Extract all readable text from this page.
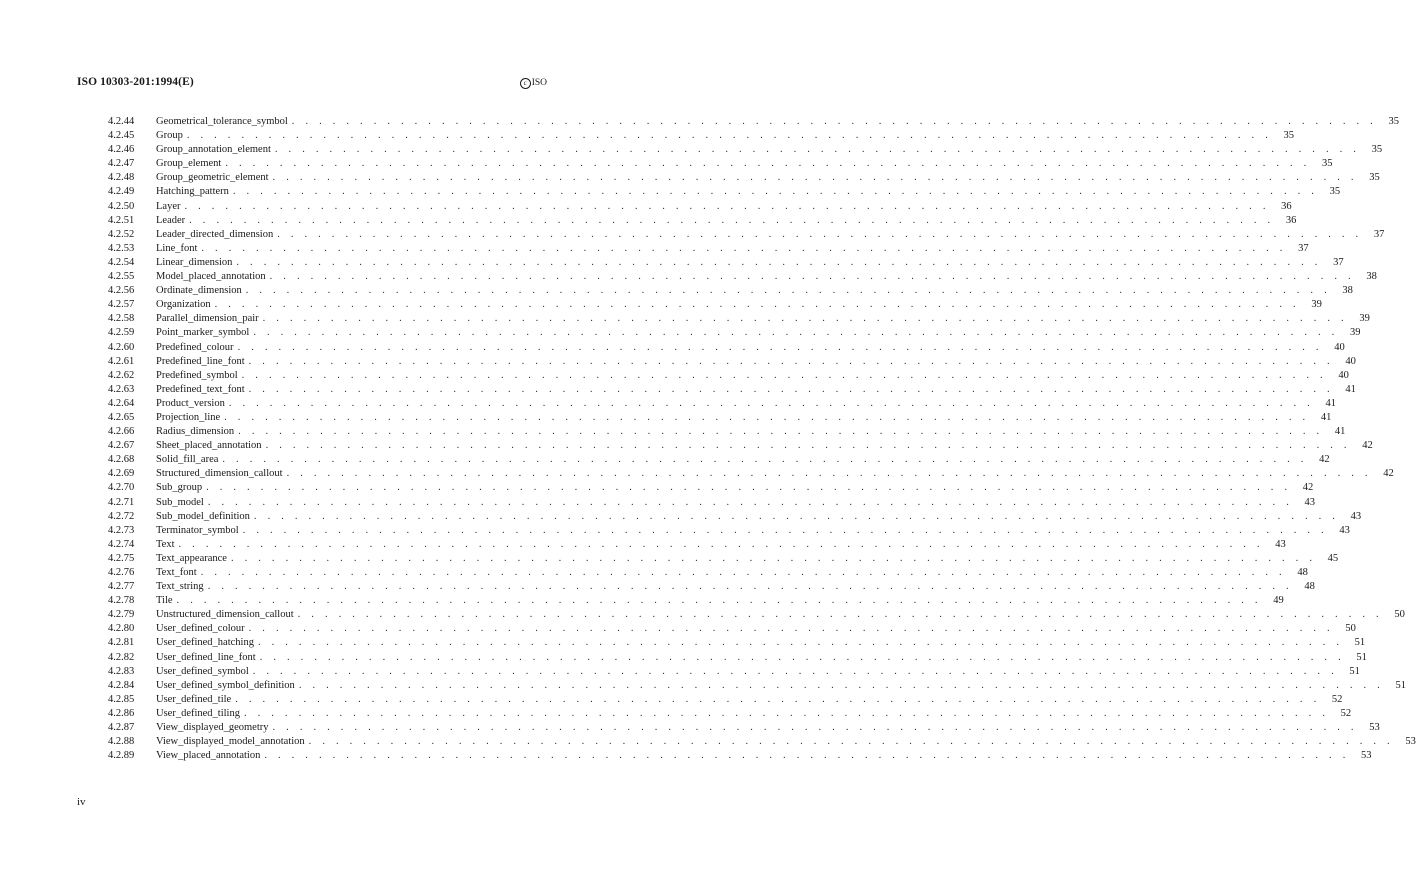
ISO 10303-201:1994(E)	c ISO
4.2.44	Geometrical_tolerance_symbol . . . . . . . . . . . . . . . . . . . . . . . . . . . . . . . . . . . . . . . . . . . . . . . . . . . . . . . . . . . . . . . . . . . . . . . . . . . . . . . .	35
4.2.45	Group . . . . . . . . . . . . . . . . . . . . . . . . . . . . . . . . . . . . . . . . . . . . . . . . . . . . . . . . . . . . . . . . . . . . . . . . . . . . . . . .	35
4.2.46	Group_annotation_element . . . . . . . . . . . . . . . . . . . . . . . . . . . . . . . . . . . . . . . . . . . . . . . . . . . . . . . . . . . . . . . . . . . . . . . . . . . . . . . .	35
4.2.47	Group_element . . . . . . . . . . . . . . . . . . . . . . . . . . . . . . . . . . . . . . . . . . . . . . . . . . . . . . . . . . . . . . . . . . . . . . . . . . . . . . . .	35
4.2.48	Group_geometric_element . . . . . . . . . . . . . . . . . . . . . . . . . . . . . . . . . . . . . . . . . . . . . . . . . . . . . . . . . . . . . . . . . . . . . . . . . . . . . . . .	35
4.2.49	Hatching_pattern . . . . . . . . . . . . . . . . . . . . . . . . . . . . . . . . . . . . . . . . . . . . . . . . . . . . . . . . . . . . . . . . . . . . . . . . . . . . . . . .	35
4.2.50	Layer . . . . . . . . . . . . . . . . . . . . . . . . . . . . . . . . . . . . . . . . . . . . . . . . . . . . . . . . . . . . . . . . . . . . . . . . . . . . . . . .	36
4.2.51	Leader . . . . . . . . . . . . . . . . . . . . . . . . . . . . . . . . . . . . . . . . . . . . . . . . . . . . . . . . . . . . . . . . . . . . . . . . . . . . . . . .	36
4.2.52	Leader_directed_dimension . . . . . . . . . . . . . . . . . . . . . . . . . . . . . . . . . . . . . . . . . . . . . . . . . . . . . . . . . . . . . . . . . . . . . . . . . . . . . . . .	37
4.2.53	Line_font . . . . . . . . . . . . . . . . . . . . . . . . . . . . . . . . . . . . . . . . . . . . . . . . . . . . . . . . . . . . . . . . . . . . . . . . . . . . . . . .	37
4.2.54	Linear_dimension . . . . . . . . . . . . . . . . . . . . . . . . . . . . . . . . . . . . . . . . . . . . . . . . . . . . . . . . . . . . . . . . . . . . . . . . . . . . . . . .	37
4.2.55	Model_placed_annotation . . . . . . . . . . . . . . . . . . . . . . . . . . . . . . . . . . . . . . . . . . . . . . . . . . . . . . . . . . . . . . . . . . . . . . . . . . . . . . . .	38
4.2.56	Ordinate_dimension . . . . . . . . . . . . . . . . . . . . . . . . . . . . . . . . . . . . . . . . . . . . . . . . . . . . . . . . . . . . . . . . . . . . . . . . . . . . . . . .	38
4.2.57	Organization . . . . . . . . . . . . . . . . . . . . . . . . . . . . . . . . . . . . . . . . . . . . . . . . . . . . . . . . . . . . . . . . . . . . . . . . . . . . . . . .	39
4.2.58	Parallel_dimension_pair . . . . . . . . . . . . . . . . . . . . . . . . . . . . . . . . . . . . . . . . . . . . . . . . . . . . . . . . . . . . . . . . . . . . . . . . . . . . . . . .	39
4.2.59	Point_marker_symbol . . . . . . . . . . . . . . . . . . . . . . . . . . . . . . . . . . . . . . . . . . . . . . . . . . . . . . . . . . . . . . . . . . . . . . . . . . . . . . . .	39
4.2.60	Predefined_colour . . . . . . . . . . . . . . . . . . . . . . . . . . . . . . . . . . . . . . . . . . . . . . . . . . . . . . . . . . . . . . . . . . . . . . . . . . . . . . . .	40
4.2.61	Predefined_line_font . . . . . . . . . . . . . . . . . . . . . . . . . . . . . . . . . . . . . . . . . . . . . . . . . . . . . . . . . . . . . . . . . . . . . . . . . . . . . . . .	40
4.2.62	Predefined_symbol . . . . . . . . . . . . . . . . . . . . . . . . . . . . . . . . . . . . . . . . . . . . . . . . . . . . . . . . . . . . . . . . . . . . . . . . . . . . . . . .	40
4.2.63	Predefined_text_font . . . . . . . . . . . . . . . . . . . . . . . . . . . . . . . . . . . . . . . . . . . . . . . . . . . . . . . . . . . . . . . . . . . . . . . . . . . . . . . .	41
4.2.64	Product_version . . . . . . . . . . . . . . . . . . . . . . . . . . . . . . . . . . . . . . . . . . . . . . . . . . . . . . . . . . . . . . . . . . . . . . . . . . . . . . . .	41
4.2.65	Projection_line . . . . . . . . . . . . . . . . . . . . . . . . . . . . . . . . . . . . . . . . . . . . . . . . . . . . . . . . . . . . . . . . . . . . . . . . . . . . . . . .	41
4.2.66	Radius_dimension . . . . . . . . . . . . . . . . . . . . . . . . . . . . . . . . . . . . . . . . . . . . . . . . . . . . . . . . . . . . . . . . . . . . . . . . . . . . . . . .	41
4.2.67	Sheet_placed_annotation . . . . . . . . . . . . . . . . . . . . . . . . . . . . . . . . . . . . . . . . . . . . . . . . . . . . . . . . . . . . . . . . . . . . . . . . . . . . . . . .	42
4.2.68	Solid_fill_area . . . . . . . . . . . . . . . . . . . . . . . . . . . . . . . . . . . . . . . . . . . . . . . . . . . . . . . . . . . . . . . . . . . . . . . . . . . . . . . .	42
4.2.69	Structured_dimension_callout . . . . . . . . . . . . . . . . . . . . . . . . . . . . . . . . . . . . . . . . . . . . . . . . . . . . . . . . . . . . . . . . . . . . . . . . . . . . . . . .	42
4.2.70	Sub_group . . . . . . . . . . . . . . . . . . . . . . . . . . . . . . . . . . . . . . . . . . . . . . . . . . . . . . . . . . . . . . . . . . . . . . . . . . . . . . . .	42
4.2.71	Sub_model . . . . . . . . . . . . . . . . . . . . . . . . . . . . . . . . . . . . . . . . . . . . . . . . . . . . . . . . . . . . . . . . . . . . . . . . . . . . . . . .	43
4.2.72	Sub_model_definition . . . . . . . . . . . . . . . . . . . . . . . . . . . . . . . . . . . . . . . . . . . . . . . . . . . . . . . . . . . . . . . . . . . . . . . . . . . . . . . .	43
4.2.73	Terminator_symbol . . . . . . . . . . . . . . . . . . . . . . . . . . . . . . . . . . . . . . . . . . . . . . . . . . . . . . . . . . . . . . . . . . . . . . . . . . . . . . . .	43
4.2.74	Text . . . . . . . . . . . . . . . . . . . . . . . . . . . . . . . . . . . . . . . . . . . . . . . . . . . . . . . . . . . . . . . . . . . . . . . . . . . . . . . .	43
4.2.75	Text_appearance . . . . . . . . . . . . . . . . . . . . . . . . . . . . . . . . . . . . . . . . . . . . . . . . . . . . . . . . . . . . . . . . . . . . . . . . . . . . . . . .	45
4.2.76	Text_font . . . . . . . . . . . . . . . . . . . . . . . . . . . . . . . . . . . . . . . . . . . . . . . . . . . . . . . . . . . . . . . . . . . . . . . . . . . . . . . .	48
4.2.77	Text_string . . . . . . . . . . . . . . . . . . . . . . . . . . . . . . . . . . . . . . . . . . . . . . . . . . . . . . . . . . . . . . . . . . . . . . . . . . . . . . . .	48
4.2.78	Tile . . . . . . . . . . . . . . . . . . . . . . . . . . . . . . . . . . . . . . . . . . . . . . . . . . . . . . . . . . . . . . . . . . . . . . . . . . . . . . . .	49
4.2.79	Unstructured_dimension_callout . . . . . . . . . . . . . . . . . . . . . . . . . . . . . . . . . . . . . . . . . . . . . . . . . . . . . . . . . . . . . . . . . . . . . . . . . . . . . . . .	50
4.2.80	User_defined_colour . . . . . . . . . . . . . . . . . . . . . . . . . . . . . . . . . . . . . . . . . . . . . . . . . . . . . . . . . . . . . . . . . . . . . . . . . . . . . . . .	50
4.2.81	User_defined_hatching . . . . . . . . . . . . . . . . . . . . . . . . . . . . . . . . . . . . . . . . . . . . . . . . . . . . . . . . . . . . . . . . . . . . . . . . . . . . . . . .	51
4.2.82	User_defined_line_font . . . . . . . . . . . . . . . . . . . . . . . . . . . . . . . . . . . . . . . . . . . . . . . . . . . . . . . . . . . . . . . . . . . . . . . . . . . . . . . .	51
4.2.83	User_defined_symbol . . . . . . . . . . . . . . . . . . . . . . . . . . . . . . . . . . . . . . . . . . . . . . . . . . . . . . . . . . . . . . . . . . . . . . . . . . . . . . . .	51
4.2.84	User_defined_symbol_definition . . . . . . . . . . . . . . . . . . . . . . . . . . . . . . . . . . . . . . . . . . . . . . . . . . . . . . . . . . . . . . . . . . . . . . . . . . . . . . . .	51
4.2.85	User_defined_tile . . . . . . . . . . . . . . . . . . . . . . . . . . . . . . . . . . . . . . . . . . . . . . . . . . . . . . . . . . . . . . . . . . . . . . . . . . . . . . . .	52
4.2.86	User_defined_tiling . . . . . . . . . . . . . . . . . . . . . . . . . . . . . . . . . . . . . . . . . . . . . . . . . . . . . . . . . . . . . . . . . . . . . . . . . . . . . . . .	52
4.2.87	View_displayed_geometry . . . . . . . . . . . . . . . . . . . . . . . . . . . . . . . . . . . . . . . . . . . . . . . . . . . . . . . . . . . . . . . . . . . . . . . . . . . . . . . .	53
4.2.88	View_displayed_model_annotation . . . . . . . . . . . . . . . . . . . . . . . . . . . . . . . . . . . . . . . . . . . . . . . . . . . . . . . . . . . . . . . . . . . . . . . . . . . . . . . .	53
4.2.89	View_placed_annotation . . . . . . . . . . . . . . . . . . . . . . . . . . . . . . . . . . . . . . . . . . . . . . . . . . . . . . . . . . . . . . . . . . . . . . . . . . . . . . . .	53
iv
